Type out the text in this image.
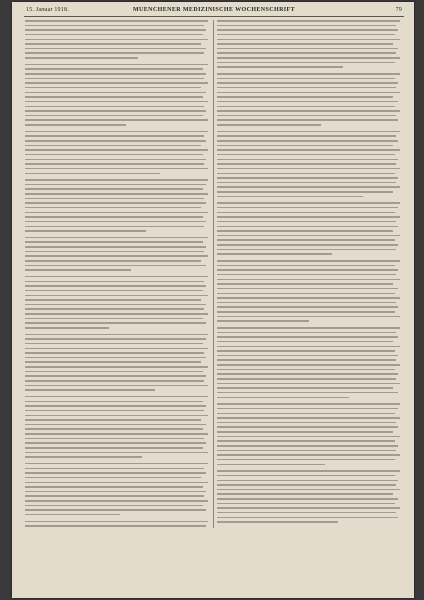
15. Januar 1918.	MUENCHENER MEDIZINISCHE WOCHENSCHRIFT	79
